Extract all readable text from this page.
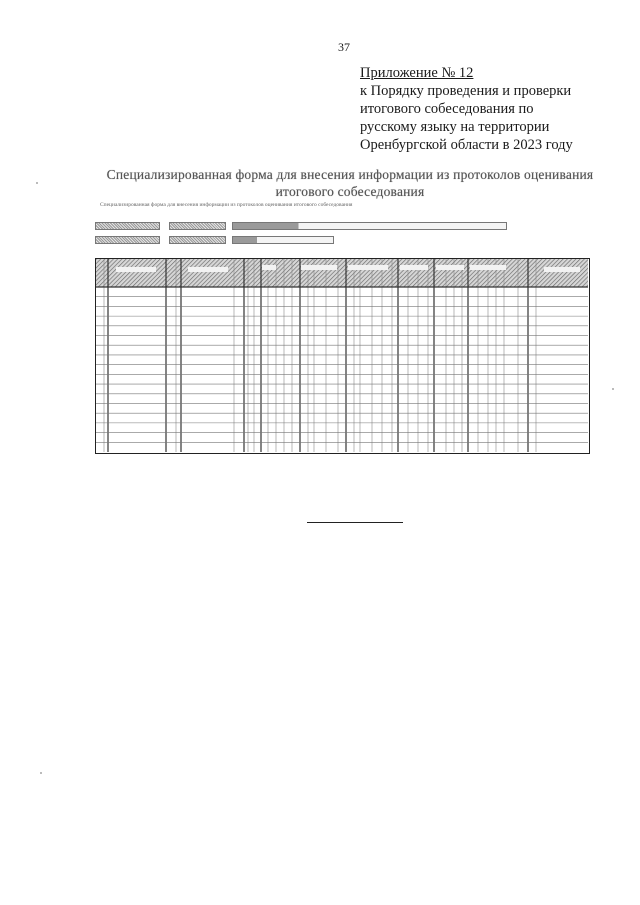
37
Приложение № 12
к Порядку проведения и проверки
итогового собеседования по
русскому языку на территории
Оренбургской области в 2023 году
Специализированная форма для внесения информации из протоколов оценивания итогового собеседования
Специализированная форма для внесения информации из протоколов оценивания итогового собеседования
